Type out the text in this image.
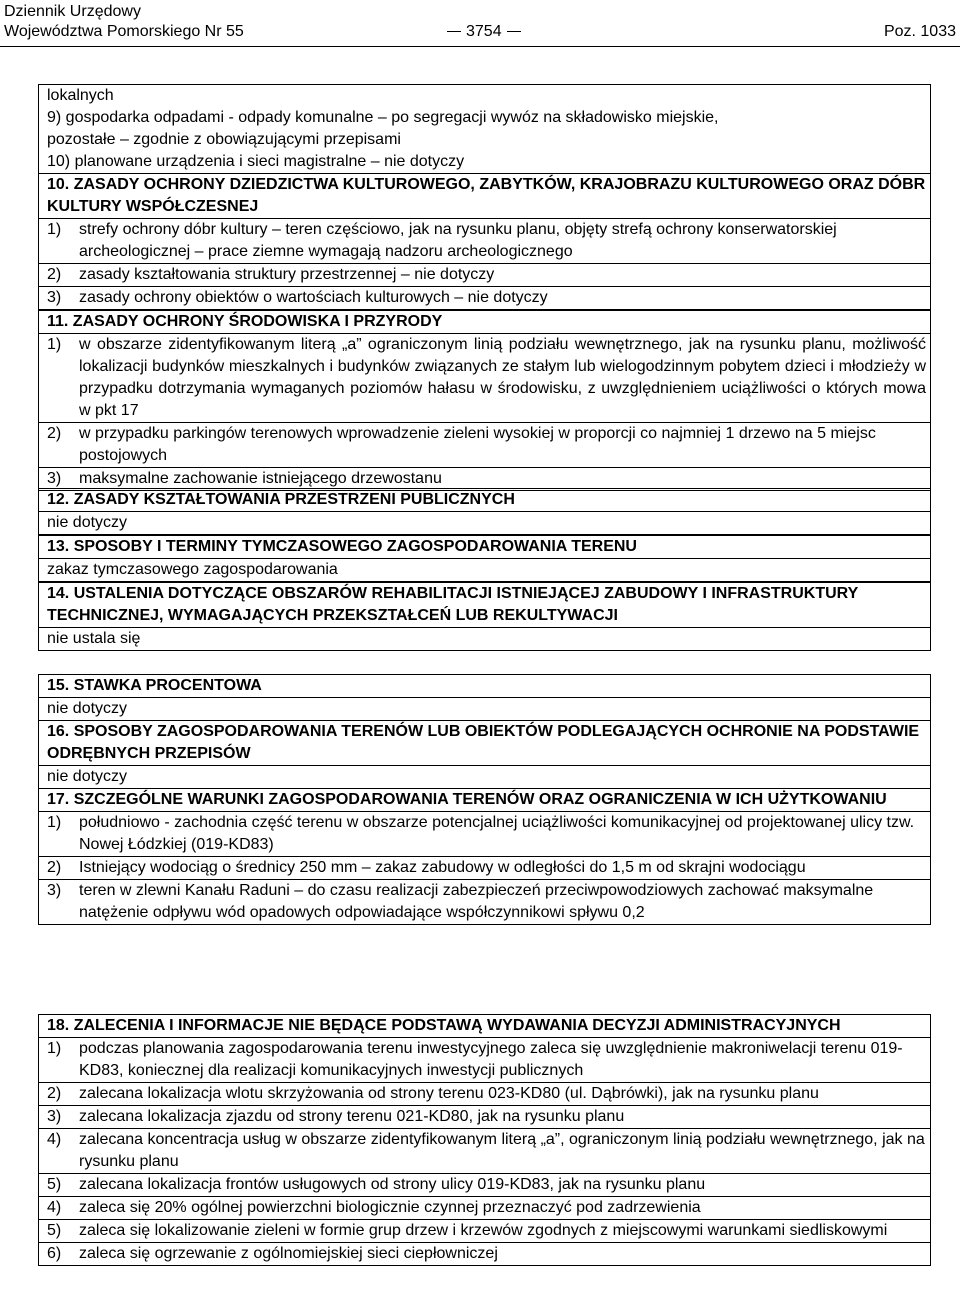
Dziennik Urzędowy
Województwa Pomorskiego Nr 55	3754	Poz. 1033
lokalnych
9) gospodarka odpadami - odpady komunalne – po segregacji wywóz na składowisko miejskie,
pozostałe – zgodnie z obowiązującymi przepisami
10) planowane urządzenia i sieci magistralne – nie dotyczy
10. ZASADY OCHRONY DZIEDZICTWA KULTUROWEGO, ZABYTKÓW, KRAJOBRAZU KULTUROWEGO ORAZ DÓBR KULTURY WSPÓŁCZESNEJ
1)	strefy ochrony dóbr kultury – teren częściowo, jak na rysunku planu, objęty strefą ochrony konserwatorskiej archeologicznej – prace ziemne wymagają nadzoru archeologicznego
2)	zasady kształtowania struktury przestrzennej – nie dotyczy
3)	zasady ochrony obiektów o wartościach kulturowych – nie dotyczy
11. ZASADY OCHRONY ŚRODOWISKA I PRZYRODY
1)	w obszarze zidentyfikowanym literą „a” ograniczonym linią podziału wewnętrznego, jak na rysunku planu, możliwość lokalizacji budynków mieszkalnych i budynków związanych ze stałym lub wielogodzinnym pobytem dzieci i młodzieży w przypadku dotrzymania wymaganych poziomów hałasu w środowisku, z uwzględnieniem uciążliwości o których mowa w pkt 17
2)	w przypadku parkingów terenowych wprowadzenie zieleni wysokiej w proporcji co najmniej 1 drzewo na 5 miejsc postojowych
3)	maksymalne zachowanie istniejącego drzewostanu
12. ZASADY KSZTAŁTOWANIA PRZESTRZENI PUBLICZNYCH
nie dotyczy
13. SPOSOBY I TERMINY TYMCZASOWEGO ZAGOSPODAROWANIA TERENU
zakaz tymczasowego zagospodarowania
14. USTALENIA DOTYCZĄCE OBSZARÓW REHABILITACJI ISTNIEJĄCEJ ZABUDOWY I INFRASTRUKTURY TECHNICZNEJ, WYMAGAJĄCYCH PRZEKSZTAŁCEŃ LUB REKULTYWACJI
nie ustala się
15. STAWKA PROCENTOWA
nie dotyczy
16. SPOSOBY ZAGOSPODAROWANIA TERENÓW LUB OBIEKTÓW PODLEGAJĄCYCH OCHRONIE NA PODSTAWIE ODRĘBNYCH PRZEPISÓW
nie dotyczy
17. SZCZEGÓLNE WARUNKI ZAGOSPODAROWANIA TERENÓW ORAZ OGRANICZENIA W ICH UŻYTKOWANIU
1)	południowo - zachodnia część terenu w obszarze potencjalnej uciążliwości komunikacyjnej od projektowanej ulicy tzw. Nowej Łódzkiej (019-KD83)
2)	Istniejący wodociąg o średnicy 250 mm – zakaz zabudowy w odległości do 1,5 m od skrajni wodociągu
3)	teren w zlewni Kanału Raduni – do czasu realizacji zabezpieczeń przeciwpowodziowych zachować maksymalne natężenie odpływu wód opadowych odpowiadające współczynnikowi spływu 0,2
18. ZALECENIA I INFORMACJE NIE BĘDĄCE PODSTAWĄ WYDAWANIA DECYZJI ADMINISTRACYJNYCH
1)	podczas planowania zagospodarowania terenu inwestycyjnego zaleca się uwzględnienie makroniwelacji terenu 019-KD83, koniecznej dla realizacji komunikacyjnych inwestycji publicznych
2)	zalecana lokalizacja wlotu skrzyżowania od strony terenu 023-KD80 (ul. Dąbrówki), jak na rysunku planu
3)	zalecana lokalizacja zjazdu od strony terenu 021-KD80, jak na rysunku planu
4)	zalecana koncentracja usług w obszarze zidentyfikowanym literą „a”, ograniczonym linią podziału wewnętrznego, jak na rysunku planu
5)	zalecana lokalizacja frontów usługowych od strony ulicy 019-KD83, jak na rysunku planu
4)	zaleca się 20% ogólnej powierzchni biologicznie czynnej przeznaczyć pod zadrzewienia
5)	zaleca się lokalizowanie zieleni w formie grup drzew i krzewów zgodnych z miejscowymi warunkami siedliskowymi
6)	zaleca się ogrzewanie z ogólnomiejskiej sieci ciepłowniczej
